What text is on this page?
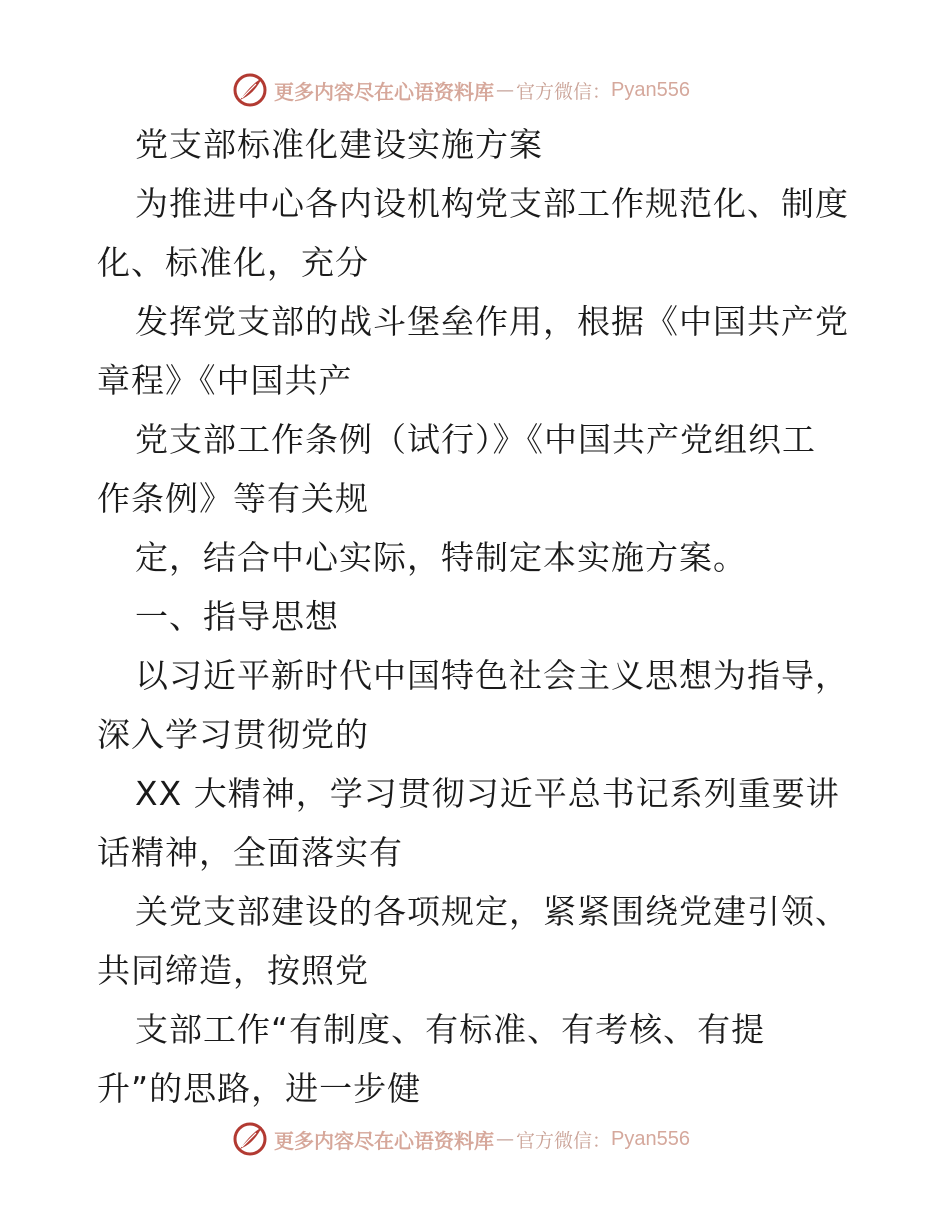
更多内容尽在心语资料库 — 官方微信： Pyan556
党支部标准化建设实施方案
为推进中心各内设机构党支部工作规范化、制度
化、标准化，充分
发挥党支部的战斗堡垒作用，根据《中国共产党
章程》《中国共产
党支部工作条例（试行）》《中国共产党组织工
作条例》等有关规
定，结合中心实际，特制定本实施方案。
一、指导思想
以习近平新时代中国特色社会主义思想为指导，
深入学习贯彻党的
XX 大精神，学习贯彻习近平总书记系列重要讲
话精神，全面落实有
关党支部建设的各项规定，紧紧围绕党建引领、
共同缔造，按照党
支部工作“有制度、有标准、有考核、有提
升”的思路，进一步健
更多内容尽在心语资料库 — 官方微信： Pyan556
